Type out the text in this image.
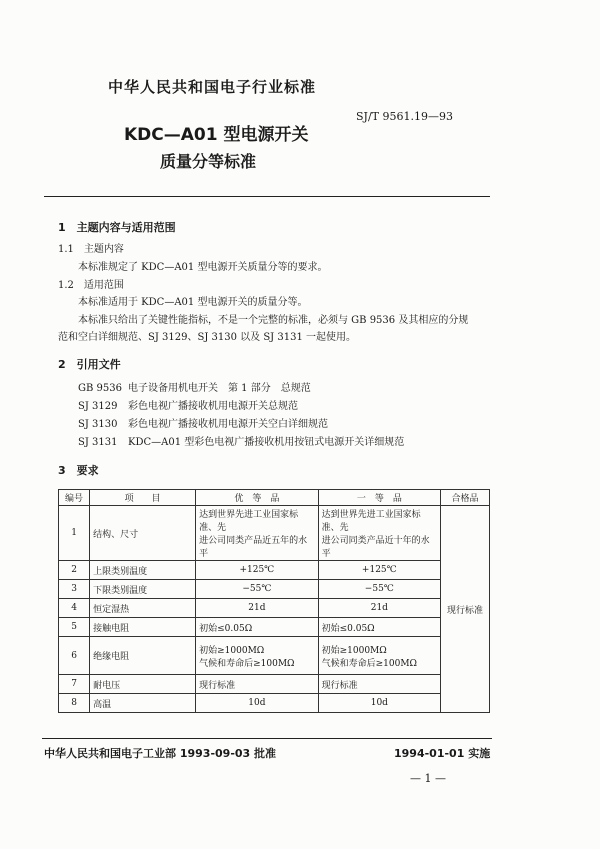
中华人民共和国电子行业标准
SJ/T 9561.19—93
KDC—A01 型电源开关
质量分等标准
1　主题内容与适用范围
1.1　主题内容
本标准规定了 KDC—A01 型电源开关质量分等的要求。
1.2　适用范围
本标准适用于 KDC—A01 型电源开关的质量分等。
本标准只给出了关键性能指标，不是一个完整的标准，必须与 GB 9536 及其相应的分规
范和空白详细规范、SJ 3129、SJ 3130 以及 SJ 3131 一起使用。
2　引用文件
GB 9536 电子设备用机电开关　第 1 部分　总规范
SJ 3129 彩色电视广播接收机用电源开关总规范
SJ 3130 彩色电视广播接收机用电源开关空白详细规范
SJ 3131 KDC—A01 型彩色电视广播接收机用按钮式电源开关详细规范
3　要求
编号	项　　目	优　等　品	一　等　品	合格品
1	结构、尺寸	达到世界先进工业国家标准、先
进公司同类产品近五年的水平	达到世界先进工业国家标准、先
进公司同类产品近十年的水平	现行标准
2	上限类别温度	+125℃	+125℃	
3	下限类别温度	−55℃	−55℃	
4	恒定湿热	21d	21d	
5	接触电阻	初始≤0.05Ω	初始≤0.05Ω	
6	绝缘电阻	初始≥1000MΩ
气候和寿命后≥100MΩ	初始≥1000MΩ
气候和寿命后≥100MΩ	

7	耐电压	现行标准	现行标准	
8	高温	10d	10d	
中华人民共和国电子工业部 1993-09-03 批准	1994-01-01 实施
— 1 —
